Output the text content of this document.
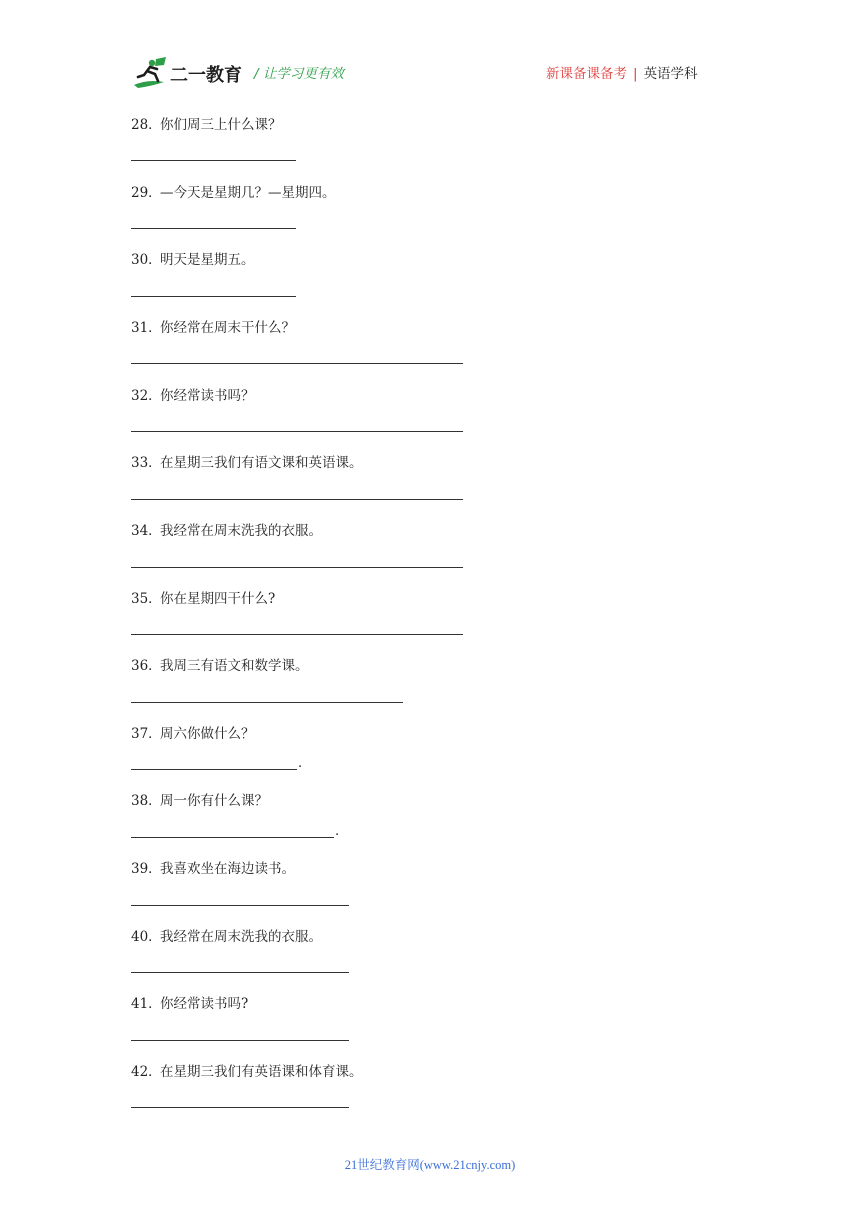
二一教育 / 让学习更有效	新课备课备考 | 英语学科
28．你们周三上什么课？
29．—今天是星期几？—星期四。
30．明天是星期五。
31．你经常在周末干什么？
32．你经常读书吗？
33．在星期三我们有语文课和英语课。
34．我经常在周末洗我的衣服。
35．你在星期四干什么?
36．我周三有语文和数学课。
37．周六你做什么？
.
38．周一你有什么课？
.
39．我喜欢坐在海边读书。
40．我经常在周末洗我的衣服。
41．你经常读书吗?
42．在星期三我们有英语课和体育课。
21世纪教育网(www.21cnjy.com)
